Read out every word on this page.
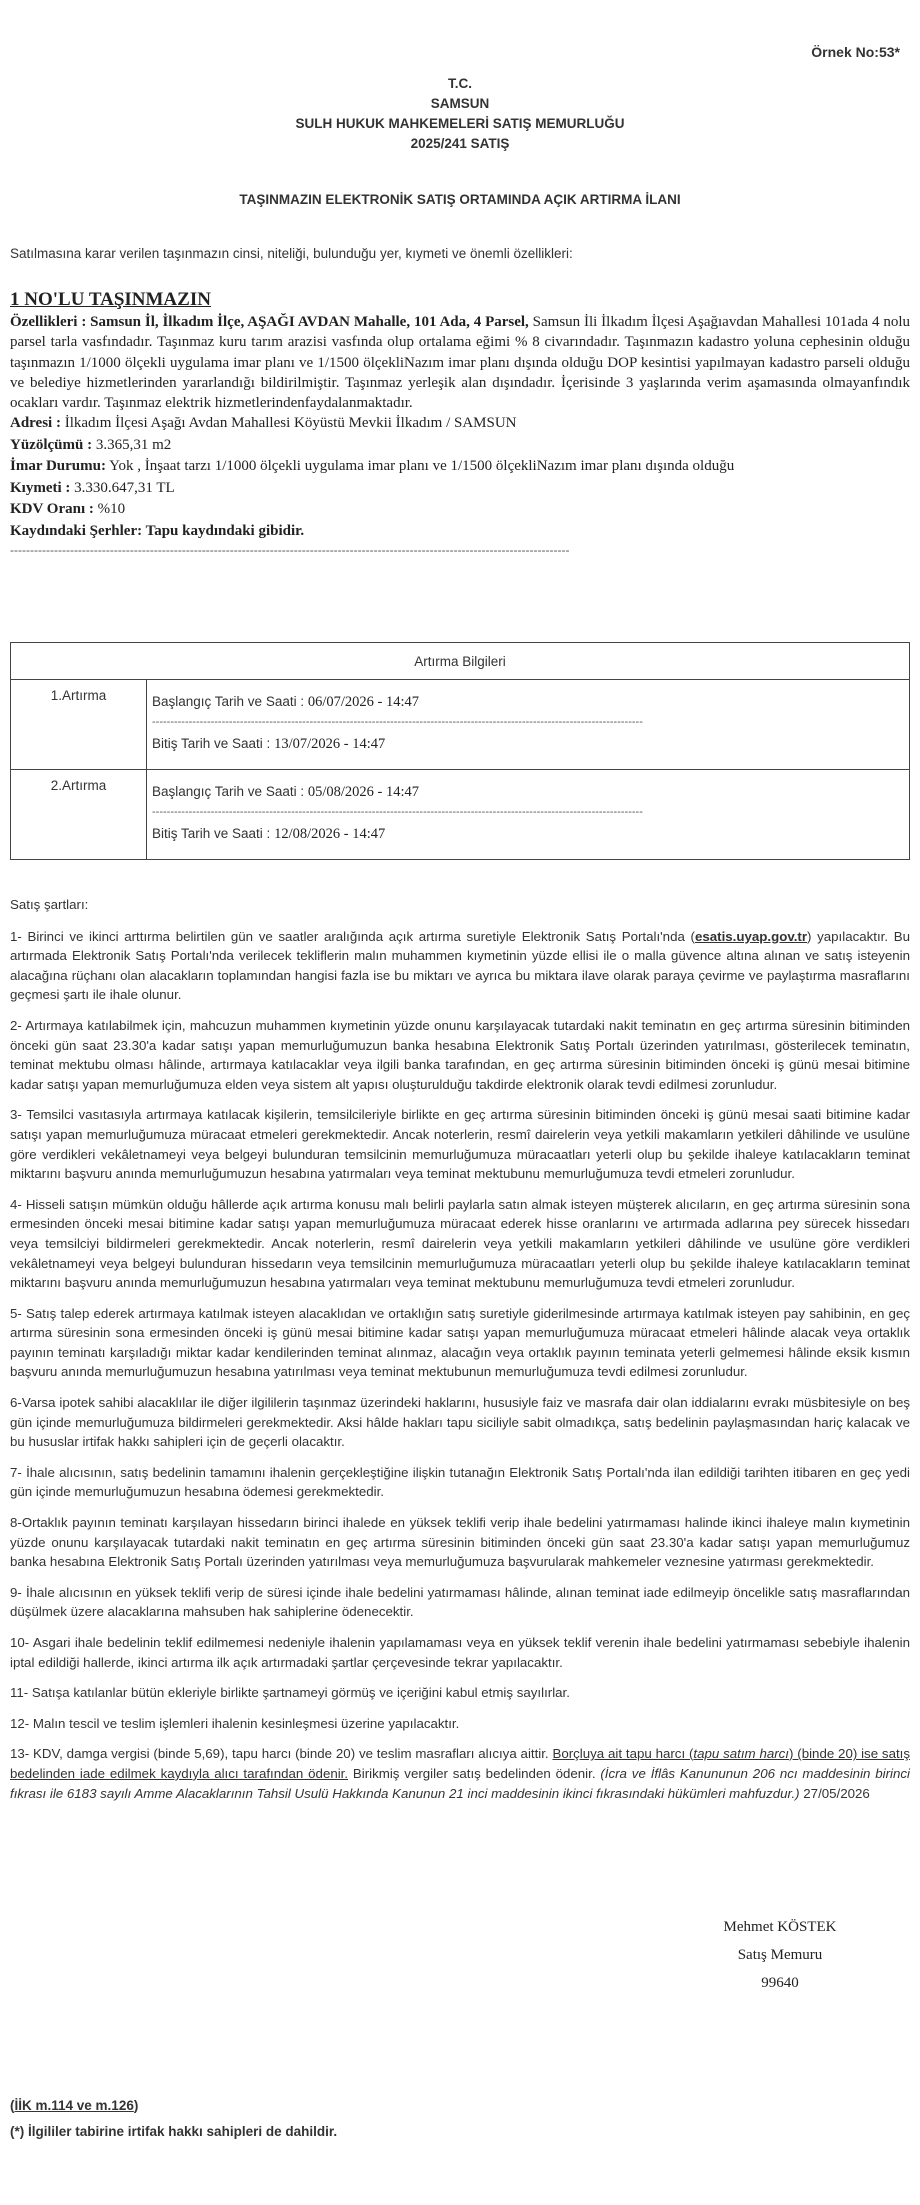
Örnek No:53*
T.C.
SAMSUN
SULH HUKUK MAHKEMELERİ SATIŞ MEMURLUĞU
2025/241 SATIŞ
TAŞINMAZIN ELEKTRONİK SATIŞ ORTAMINDA AÇIK ARTIRMA İLANI
Satılmasına karar verilen taşınmazın cinsi, niteliği, bulunduğu yer, kıymeti ve önemli özellikleri:
1 NO'LU TAŞINMAZIN
Özellikleri : Samsun İl, İlkadım İlçe, AŞAĞI AVDAN Mahalle, 101 Ada, 4 Parsel, Samsun İli İlkadım İlçesi Aşağıavdan Mahallesi 101ada 4 nolu parsel tarla vasfındadır. Taşınmaz kuru tarım arazisi vasfında olup ortalama eğimi % 8 civarındadır. Taşınmazın kadastro yoluna cephesinin olduğu taşınmazın 1/1000 ölçekli uygulama imar planı ve 1/1500 ölçekliNazım imar planı dışında olduğu DOP kesintisi yapılmayan kadastro parseli olduğu ve belediye hizmetlerinden yararlandığı bildirilmiştir. Taşınmaz yerleşik alan dışındadır. İçerisinde 3 yaşlarında verim aşamasında olmayanfındık ocakları vardır. Taşınmaz elektrik hizmetlerindenfaydalanmaktadır.
Adresi : İlkadım İlçesi Aşağı Avdan Mahallesi Köyüstü Mevkii İlkadım / SAMSUN
Yüzölçümü : 3.365,31 m2
İmar Durumu: Yok , İnşaat tarzı 1/1000 ölçekli uygulama imar planı ve 1/1500 ölçekliNazım imar planı dışında olduğu
Kıymeti : 3.330.647,31 TL
KDV Oranı : %10
Kaydındaki Şerhler: Tapu kaydındaki gibidir.
--------------------------------------------------------------------------------------------------------------------------------------------
Artırma Bilgileri	
1.Artırma	Başlangıç Tarih ve Saati : 06/07/2026 - 14:47
--------------------------------------------------------------------------------------------------------------------------------------
Bitiş Tarih ve Saati : 13/07/2026 - 14:47

2.Artırma	Başlangıç Tarih ve Saati : 05/08/2026 - 14:47
--------------------------------------------------------------------------------------------------------------------------------------
Bitiş Tarih ve Saati : 12/08/2026 - 14:47

Satış şartları:

1- Birinci ve ikinci arttırma belirtilen gün ve saatler aralığında açık artırma suretiyle Elektronik Satış Portalı'nda (esatis.uyap.gov.tr) yapılacaktır. Bu artırmada Elektronik Satış Portalı'nda verilecek tekliflerin malın muhammen kıymetinin yüzde ellisi ile o malla güvence altına alınan ve satış isteyenin alacağına rüçhanı olan alacakların toplamından hangisi fazla ise bu miktarı ve ayrıca bu miktara ilave olarak paraya çevirme ve paylaştırma masraflarını geçmesi şartı ile ihale olunur.

2- Artırmaya katılabilmek için, mahcuzun muhammen kıymetinin yüzde onunu karşılayacak tutardaki nakit teminatın en geç artırma süresinin bitiminden önceki gün saat 23.30'a kadar satışı yapan memurluğumuzun banka hesabına Elektronik Satış Portalı üzerinden yatırılması, gösterilecek teminatın, teminat mektubu olması hâlinde, artırmaya katılacaklar veya ilgili banka tarafından, en geç artırma süresinin bitiminden önceki iş günü mesai bitimine kadar satışı yapan memurluğumuza elden veya sistem alt yapısı oluşturulduğu takdirde elektronik olarak tevdi edilmesi zorunludur.

3- Temsilci vasıtasıyla artırmaya katılacak kişilerin, temsilcileriyle birlikte en geç artırma süresinin bitiminden önceki iş günü mesai saati bitimine kadar satışı yapan memurluğumuza müracaat etmeleri gerekmektedir. Ancak noterlerin, resmî dairelerin veya yetkili makamların yetkileri dâhilinde ve usulüne göre verdikleri vekâletnameyi veya belgeyi bulunduran temsilcinin memurluğumuza müracaatları yeterli olup bu şekilde ihaleye katılacakların teminat miktarını başvuru anında memurluğumuzun hesabına yatırmaları veya teminat mektubunu memurluğumuza tevdi etmeleri zorunludur.

4- Hisseli satışın mümkün olduğu hâllerde açık artırma konusu malı belirli paylarla satın almak isteyen müşterek alıcıların, en geç artırma süresinin sona ermesinden önceki mesai bitimine kadar satışı yapan memurluğumuza müracaat ederek hisse oranlarını ve artırmada adlarına pey sürecek hissedarı veya temsilciyi bildirmeleri gerekmektedir. Ancak noterlerin, resmî dairelerin veya yetkili makamların yetkileri dâhilinde ve usulüne göre verdikleri vekâletnameyi veya belgeyi bulunduran hissedarın veya temsilcinin memurluğumuza müracaatları yeterli olup bu şekilde ihaleye katılacakların teminat miktarını başvuru anında memurluğumuzun hesabına yatırmaları veya teminat mektubunu memurluğumuza tevdi etmeleri zorunludur.

5- Satış talep ederek artırmaya katılmak isteyen alacaklıdan ve ortaklığın satış suretiyle giderilmesinde artırmaya katılmak isteyen pay sahibinin, en geç artırma süresinin sona ermesinden önceki iş günü mesai bitimine kadar satışı yapan memurluğumuza müracaat etmeleri hâlinde alacak veya ortaklık payının teminatı karşıladığı miktar kadar kendilerinden teminat alınmaz, alacağın veya ortaklık payının teminata yeterli gelmemesi hâlinde eksik kısmın başvuru anında memurluğumuzun hesabına yatırılması veya teminat mektubunun memurluğumuza tevdi edilmesi zorunludur.

6-Varsa ipotek sahibi alacaklılar ile diğer ilgililerin taşınmaz üzerindeki haklarını, hususiyle faiz ve masrafa dair olan iddialarını evrakı müsbitesiyle on beş gün içinde memurluğumuza bildirmeleri gerekmektedir. Aksi hâlde hakları tapu siciliyle sabit olmadıkça, satış bedelinin paylaşmasından hariç kalacak ve bu hususlar irtifak hakkı sahipleri için de geçerli olacaktır.

7- İhale alıcısının, satış bedelinin tamamını ihalenin gerçekleştiğine ilişkin tutanağın Elektronik Satış Portalı'nda ilan edildiği tarihten itibaren en geç yedi gün içinde memurluğumuzun hesabına ödemesi gerekmektedir.

8-Ortaklık payının teminatı karşılayan hissedarın birinci ihalede en yüksek teklifi verip ihale bedelini yatırmaması halinde ikinci ihaleye malın kıymetinin yüzde onunu karşılayacak tutardaki nakit teminatın en geç artırma süresinin bitiminden önceki gün saat 23.30'a kadar satışı yapan memurluğumuz banka hesabına Elektronik Satış Portalı üzerinden yatırılması veya memurluğumuza başvurularak mahkemeler veznesine yatırması gerekmektedir.

9- İhale alıcısının en yüksek teklifi verip de süresi içinde ihale bedelini yatırmaması hâlinde, alınan teminat iade edilmeyip öncelikle satış masraflarından düşülmek üzere alacaklarına mahsuben hak sahiplerine ödenecektir.

10- Asgari ihale bedelinin teklif edilmemesi nedeniyle ihalenin yapılamaması veya en yüksek teklif verenin ihale bedelini yatırmaması sebebiyle ihalenin iptal edildiği hallerde, ikinci artırma ilk açık artırmadaki şartlar çerçevesinde tekrar yapılacaktır.

11- Satışa katılanlar bütün ekleriyle birlikte şartnameyi görmüş ve içeriğini kabul etmiş sayılırlar.

12- Malın tescil ve teslim işlemleri ihalenin kesinleşmesi üzerine yapılacaktır.

13- KDV, damga vergisi (binde 5,69), tapu harcı (binde 20) ve teslim masrafları alıcıya aittir. Borçluya ait tapu harcı (tapu satım harcı) (binde 20) ise satış bedelinden iade edilmek kaydıyla alıcı tarafından ödenir. Birikmiş vergiler satış bedelinden ödenir. (İcra ve İflâs Kanununun 206 ncı maddesinin birinci fıkrası ile 6183 sayılı Amme Alacaklarının Tahsil Usulü Hakkında Kanunun 21 inci maddesinin ikinci fıkrasındaki hükümleri mahfuzdur.) 27/05/2026

Mehmet KÖSTEK
Satış Memuru
99640
(İİK m.114 ve m.126)
(*) İlgililer tabirine irtifak hakkı sahipleri de dahildir.
